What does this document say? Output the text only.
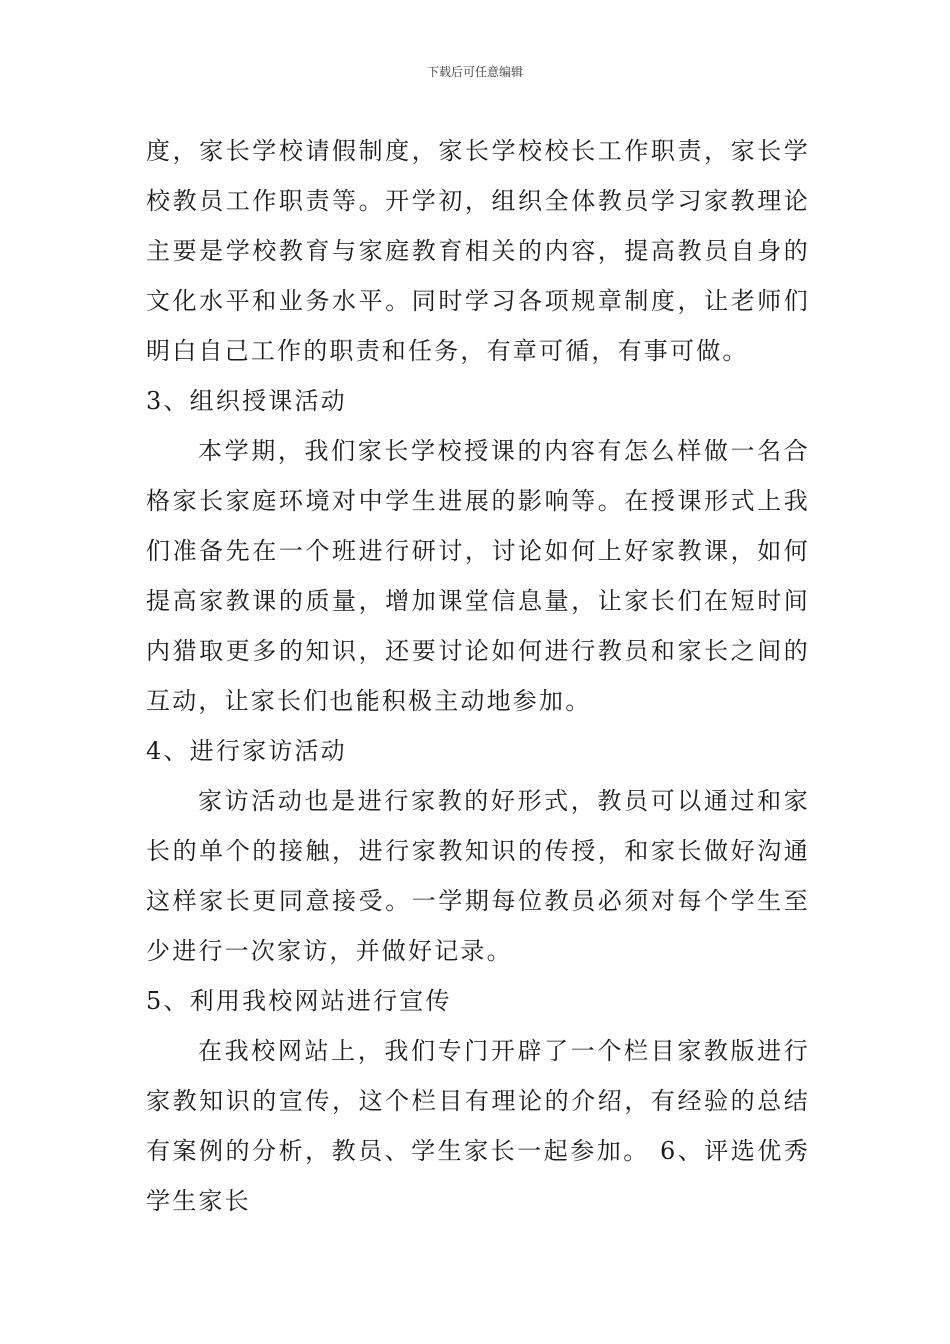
下载后可任意编辑

度，家长学校请假制度，家长学校校长工作职责，家长学校教员工作职责等。开学初，组织全体教员学习家教理论主要是学校教育与家庭教育相关的内容，提高教员自身的文化水平和业务水平。同时学习各项规章制度，让老师们明白自己工作的职责和任务，有章可循，有事可做。

3、组织授课活动

本学期，我们家长学校授课的内容有怎么样做一名合格家长家庭环境对中学生进展的影响等。在授课形式上我们准备先在一个班进行研讨，讨论如何上好家教课，如何提高家教课的质量，增加课堂信息量，让家长们在短时间内猎取更多的知识，还要讨论如何进行教员和家长之间的互动，让家长们也能积极主动地参加。

4、进行家访活动

家访活动也是进行家教的好形式，教员可以通过和家长的单个的接触，进行家教知识的传授，和家长做好沟通这样家长更同意接受。一学期每位教员必须对每个学生至少进行一次家访，并做好记录。

5、利用我校网站进行宣传

在我校网站上，我们专门开辟了一个栏目家教版进行家教知识的宣传，这个栏目有理论的介绍，有经验的总结有案例的分析，教员、学生家长一起参加。 6、评选优秀学生家长
